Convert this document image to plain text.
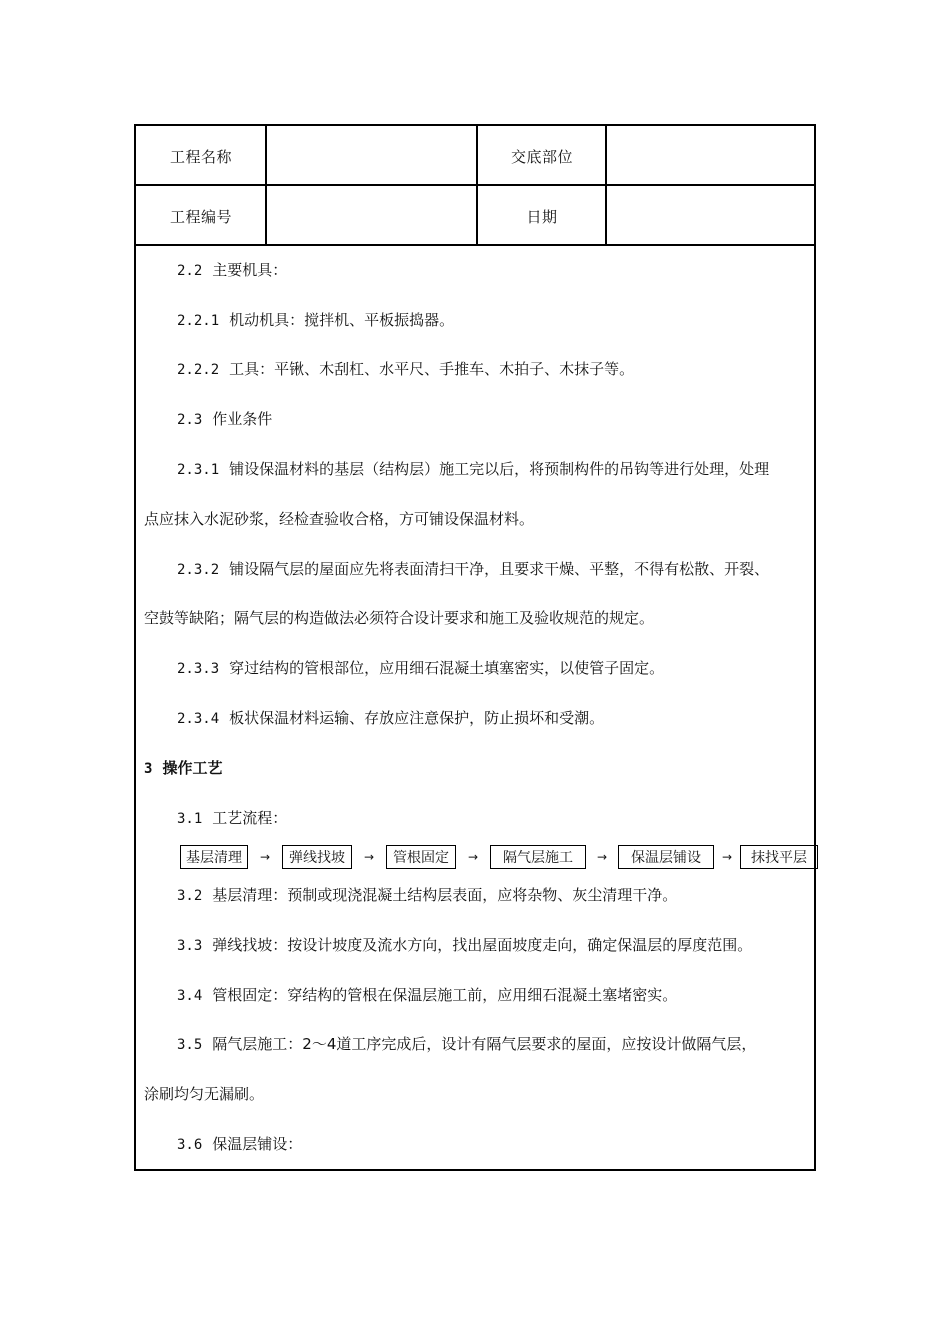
工程名称	交底部位
工程编号	日期
2.2 主要机具：
2.2.1 机动机具：搅拌机、平板振捣器。
2.2.2 工具：平锹、木刮杠、水平尺、手推车、木拍子、木抹子等。
2.3 作业条件
2.3.1 铺设保温材料的基层（结构层）施工完以后，将预制构件的吊钩等进行处理，处理
点应抹入水泥砂浆，经检查验收合格，方可铺设保温材料。
2.3.2 铺设隔气层的屋面应先将表面清扫干净，且要求干燥、平整，不得有松散、开裂、
空鼓等缺陷；隔气层的构造做法必须符合设计要求和施工及验收规范的规定。
2.3.3 穿过结构的管根部位，应用细石混凝土填塞密实，以使管子固定。
2.3.4 板状保温材料运输、存放应注意保护，防止损坏和受潮。
3 操作工艺
3.1 工艺流程：
基层清理	→	弹线找坡	→	管根固定	→	隔气层施工	→	保温层铺设	→	抹找平层
3.2 基层清理：预制或现浇混凝土结构层表面，应将杂物、灰尘清理干净。
3.3 弹线找坡：按设计坡度及流水方向，找出屋面坡度走向，确定保温层的厚度范围。
3.4 管根固定：穿结构的管根在保温层施工前，应用细石混凝土塞堵密实。
3.5 隔气层施工：2～4道工序完成后，设计有隔气层要求的屋面，应按设计做隔气层，
涂刷均匀无漏刷。
3.6 保温层铺设：
